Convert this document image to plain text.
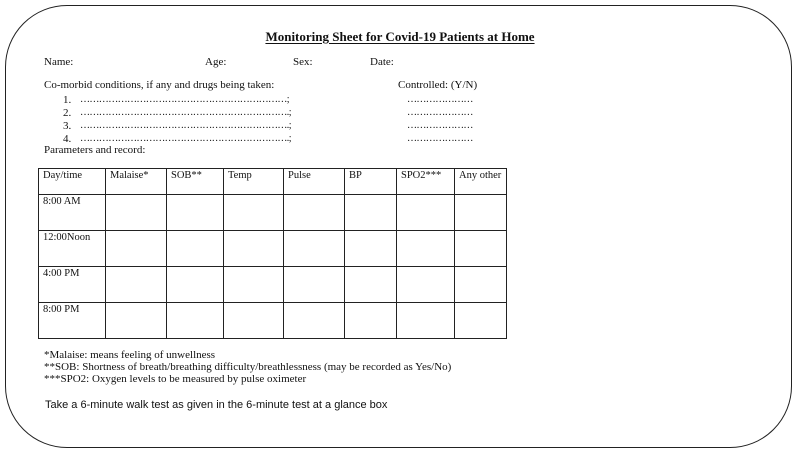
Monitoring Sheet for Covid-19 Patients at Home
Name:	Age:	Sex:	Date:
Co-morbid conditions, if any and drugs being taken:	Controlled: (Y/N)
1. …………………………………………………………;	…………………
2. ………………………………………………………….;	…………………
3. ………………………………………………………….;	…………………
4. ………………………………………………………….;	…………………
Parameters and record:
Day/time	Malaise*	SOB**	Temp	Pulse	BP	SPO2***	Any other
8:00 AM							
12:00Noon							
4:00 PM							
8:00 PM							
*Malaise: means feeling of unwellness
**SOB: Shortness of breath/breathing difficulty/breathlessness (may be recorded as Yes/No)
***SPO2: Oxygen levels to be measured by pulse oximeter
Take a 6-minute walk test as given in the 6-minute test at a glance box
